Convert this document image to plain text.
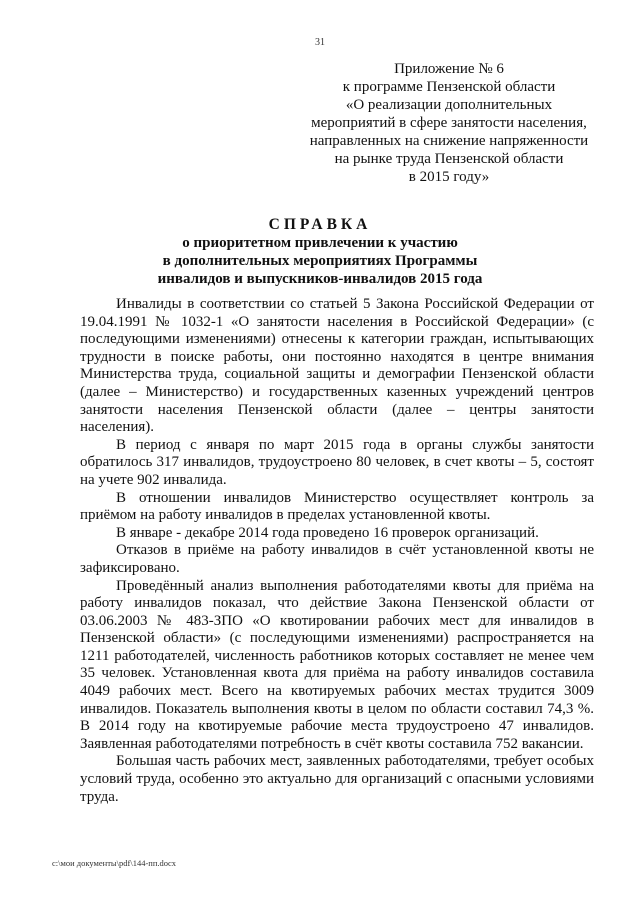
31
Приложение № 6
к программе Пензенской области
«О реализации дополнительных
мероприятий в сфере занятости населения,
направленных на снижение напряженности
на рынке труда Пензенской области
в 2015 году»
СПРАВКА
о приоритетном привлечении к участию
в дополнительных мероприятиях Программы
инвалидов и выпускников-инвалидов 2015 года

Инвалиды в соответствии со статьей 5 Закона Российской Федерации от 19.04.1991 № 1032-1 «О занятости населения в Российской Федерации» (с последующими изменениями) отнесены к категории граждан, испытывающих трудности в поиске работы, они постоянно находятся в центре внимания Министерства труда, социальной защиты и демографии Пензенской области (далее – Министерство) и государственных казенных учреждений центров занятости населения Пензенской области (далее – центры занятости населения).

В период с января по март 2015 года в органы службы занятости обратилось 317 инвалидов, трудоустроено 80 человек, в счет квоты – 5, состоят на учете 902 инвалида.

В отношении инвалидов Министерство осуществляет контроль за приёмом на работу инвалидов в пределах установленной квоты.

В январе - декабре 2014 года проведено 16 проверок организаций.

Отказов в приёме на работу инвалидов в счёт установленной квоты не зафиксировано.

Проведённый анализ выполнения работодателями квоты для приёма на работу инвалидов показал, что действие Закона Пензенской области от 03.06.2003 № 483-ЗПО «О квотировании рабочих мест для инвалидов в Пензенской области» (с последующими изменениями) распространяется на 1211 работодателей, численность работников которых составляет не менее чем 35 человек. Установленная квота для приёма на работу инвалидов составила 4049 рабочих мест. Всего на квотируемых рабочих местах трудится 3009 инвалидов. Показатель выполнения квоты в целом по области составил 74,3 %. В 2014 году на квотируемые рабочие места трудоустроено 47 инвалидов. Заявленная работодателями потребность в счёт квоты составила 752 вакансии.

Большая часть рабочих мест, заявленных работодателями, требует особых условий труда, особенно это актуально для организаций с опасными условиями труда.

c:\мои документы\pdf\144-пп.docx
